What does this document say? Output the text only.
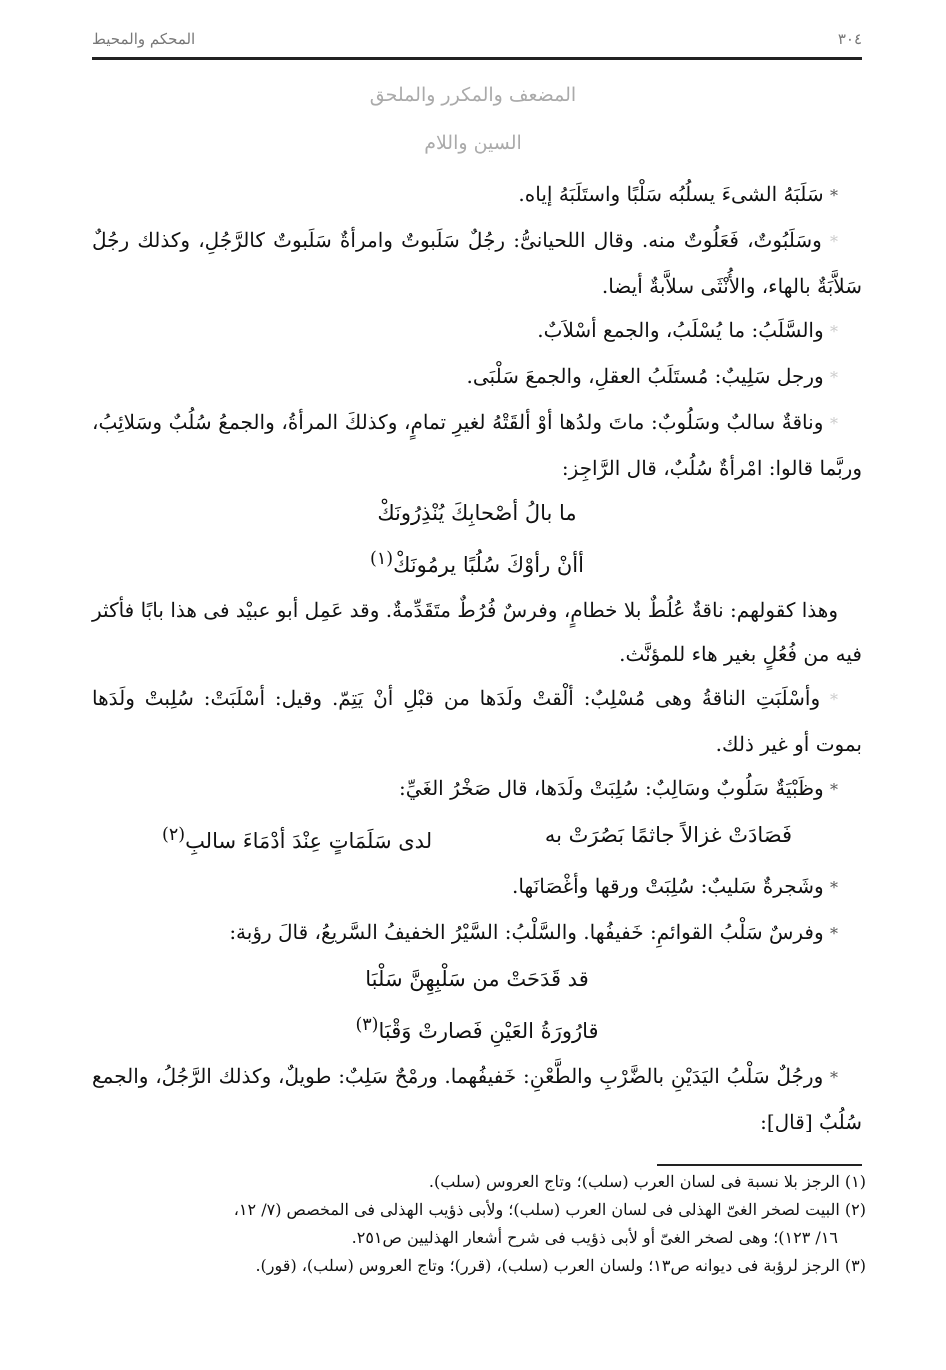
٣٠٤
المحكم والمحيط
المضعف والمكرر والملحق
السين واللام

* سَلَبَهُ الشىءَ يسلُبُه سَلْبًا واستَلَبَهُ إياه.

* وسَلَبُوتٌ، فَعَلُوتٌ منه. وقال اللحيانىُّ: رجُلٌ سَلَبوتٌ وامرأةٌ سَلَبوتٌ كالرَّجُلِ، وكذلك رجُلٌ سَلاَّبَةٌ بالهاء، والأُنْثَى سلاَّبةٌ أيضا.

* والسَّلَبُ: ما يُسْلَبُ، والجمع أسْلاَبٌ.

* ورجل سَلِيبٌ: مُستَلَبُ العقلِ، والجمعَ سَلْبَى.

* وناقةٌ سالبٌ وسَلُوبٌ: ماتَ ولدُها أوْ ألقَتْهُ لغيرِ تمامٍ، وكذلكَ المرأةُ، والجمعُ سُلُبٌ وسَلائِبُ، وربَّما قالوا: امْرأةٌ سُلُبٌ، قال الرَّاجِز:

ما بالُ أصْحابِكَ يُنْذِرُونَكْ

أأنْ رأوْكَ سُلُبًا يرمُونَكْ$^{(١)}$

وهذا كقولهم: ناقةٌ عُلُطٌ بلا خطامٍ، وفرسٌ فُرُطٌ متَقَدِّمةٌ. وقد عَمِل أبو عبيْد فى هذا بابًا فأكثر فيه من فُعُلٍ بغير هاء للمؤنَّث.

* وأسْلَبَتِ الناقةُ وهى مُسْلِبٌ: ألْقتْ ولَدَها من قبْلِ أنْ يَتِمّ. وقيل: أسْلَبَتْ: سُلِبتْ ولَدَها بموت أو غير ذلك.

* وظَبْيَةٌ سَلُوبٌ وسَالِبٌ: سُلِبَتْ ولَدَها، قال صَخْرُ الغَيِّ:

فَصَادَتْ غزالاً جاثمًا بَصُرَتْ به
لدى سَلَمَاتٍ عِنْدَ أدْمَاءَ سالبِ$^{(٢)}$

* وشَجرةٌ سَليبٌ: سُلِبَتْ ورقها وأغْصَانَها.

* وفرسٌ سَلْبُ القوائمِ: خَفيفُها. والسَّلْبُ: السَّيْرُ الخفيفُ السَّريعُ، قالَ رؤبة:

قد قَدَحَتْ من سَلْبِهِنَّ سَلْبَا

قارُورَةُ العَيْنِ فَصارتْ وَقْبَا$^{(٣)}$

* ورجُلٌ سَلْبُ اليَدَيْنِ بالضَّرْبِ والطَّعْنِ: خَفيفُهما. ورمْحٌ سَلِبٌ: طويلٌ، وكذلك الرَّجُلُ، والجمع سُلُبٌ [قال]:

(١) الرجز بلا نسبة فى لسان العرب (سلب)؛ وتاج العروس (سلب).

(٢) البيت لصخر الغىّ الهذلى فى لسان العرب (سلب)؛ ولأبى ذؤيب الهذلى فى المخصص (٧/ ١٢،

١٦/ ١٢٣)؛ وهى لصخر الغىّ أو لأبى ذؤيب فى شرح أشعار الهذليين ص٢٥١.

(٣) الرجز لرؤبة فى ديوانه ص١٣؛ ولسان العرب (سلب)، (قرر)؛ وتاج العروس (سلب)، (قور).
